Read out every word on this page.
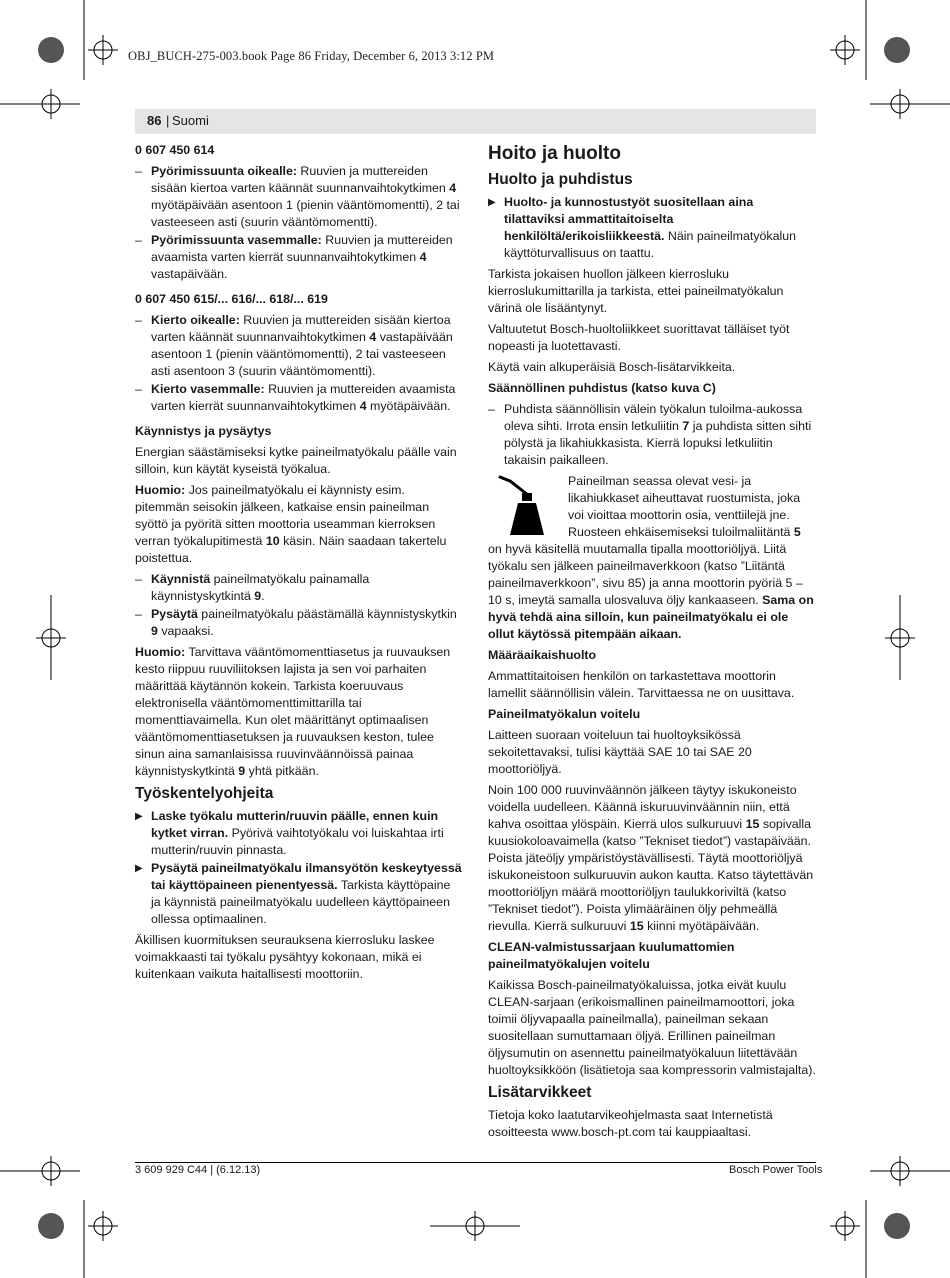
OBJ_BUCH-275-003.book Page 86 Friday, December 6, 2013 3:12 PM
86 | Suomi

0 607 450 614

– Pyörimissuunta oikealle: Ruuvien ja muttereiden sisään kiertoa varten käännät suunnanvaihtokytkimen 4 myötäpäivään asentoon 1 (pienin vääntömomentti), 2 tai vasteeseen asti (suurin vääntömomentti).
– Pyörimissuunta vasemmalle: Ruuvien ja muttereiden avaamista varten kierrät suunnanvaihtokytkimen 4 vastapäivään.

0 607 450 615/... 616/... 618/... 619

– Kierto oikealle: Ruuvien ja muttereiden sisään kiertoa varten käännät suunnanvaihtokytkimen 4 vastapäivään asentoon 1 (pienin vääntömomentti), 2 tai vasteeseen asti asentoon 3 (suurin vääntömomentti).
– Kierto vasemmalle: Ruuvien ja muttereiden avaamista varten kierrät suunnanvaihtokytkimen 4 myötäpäivään.

Käynnistys ja pysäytys

Energian säästämiseksi kytke paineilmatyökalu päälle vain silloin, kun käytät kyseistä työkalua.

Huomio: Jos paineilmatyökalu ei käynnisty esim. pitemmän seisokin jälkeen, katkaise ensin paineilman syöttö ja pyöritä sitten moottoria useamman kierroksen verran työkalupitimestä 10 käsin. Näin saadaan takertelu poistettua.

– Käynnistä paineilmatyökalu painamalla käynnistyskytkintä 9.
– Pysäytä paineilmatyökalu päästämällä käynnistyskytkin 9 vapaaksi.

Huomio: Tarvittava vääntömomenttiasetus ja ruuvauksen kesto riippuu ruuviliitoksen lajista ja sen voi parhaiten määrittää käytännön kokein. Tarkista koeruuvaus elektronisella vääntömomenttimittarilla tai momenttiavaimella. Kun olet määrittänyt optimaalisen vääntömomenttiasetuksen ja ruuvauksen keston, tulee sinun aina samanlaisissa ruuvinväännöissä painaa käynnistyskytkintä 9 yhtä pitkään.

Työskentelyohjeita

▶ Laske työkalu mutterin/ruuvin päälle, ennen kuin kytket virran. Pyörivä vaihtotyökalu voi luiskahtaa irti mutterin/ruuvin pinnasta.
▶ Pysäytä paineilmatyökalu ilmansyötön keskeytyessä tai käyttöpaineen pienentyessä. Tarkista käyttöpaine ja käynnistä paineilmatyökalu uudelleen käyttöpaineen ollessa optimaalinen.

Äkillisen kuormituksen seurauksena kierrosluku laskee voimakkaasti tai työkalu pysähtyy kokonaan, mikä ei kuitenkaan vaikuta haitallisesti moottoriin.

Hoito ja huolto

Huolto ja puhdistus

▶ Huolto- ja kunnostustyöt suositellaan aina tilattaviksi ammattitaitoiselta henkilöltä/erikoisliikkeestä. Näin paineilmatyökalun käyttöturvallisuus on taattu.

Tarkista jokaisen huollon jälkeen kierrosluku kierroslukumittarilla ja tarkista, ettei paineilmatyökalun värinä ole lisääntynyt.

Valtuutetut Bosch-huoltoliikkeet suorittavat tälläiset työt nopeasti ja luotettavasti.

Käytä vain alkuperäisiä Bosch-lisätarvikkeita.

Säännöllinen puhdistus (katso kuva C)

– Puhdista säännöllisin välein työkalun tuloilma-aukossa oleva sihti. Irrota ensin letkuliitin 7 ja puhdista sitten sihti pölystä ja likahiukkasista. Kierrä lopuksi letkuliitin takaisin paikalleen.

Paineilman seassa olevat vesi- ja likahiukkaset aiheuttavat ruostumista, joka voi vioittaa moottorin osia, venttiilejä jne. Ruosteen ehkäisemiseksi tuloilmaliitäntä 5 on hyvä käsitellä muutamalla tipalla moottoriöljyä. Liitä työkalu sen jälkeen paineilmaverkkoon (katso ”Liitäntä paineilmaverkkoon”, sivu 85) ja anna moottorin pyöriä 5 – 10 s, imeytä samalla ulosvaluva öljy kankaaseen. Sama on hyvä tehdä aina silloin, kun paineilmatyökalu ei ole ollut käytössä pitempään aikaan.

Määräaikaishuolto

Ammattitaitoisen henkilön on tarkastettava moottorin lamellit säännöllisin välein. Tarvittaessa ne on uusittava.

Paineilmatyökalun voitelu

Laitteen suoraan voiteluun tai huoltoyksikössä sekoitettavaksi, tulisi käyttää SAE 10 tai SAE 20 moottoriöljyä.

Noin 100 000 ruuvinväännön jälkeen täytyy iskukoneisto voidella uudelleen. Käännä iskuruuvinväännin niin, että kahva osoittaa ylöspäin. Kierrä ulos sulkuruuvi 15 sopivalla kuusiokoloavaimella (katso ”Tekniset tiedot”) vastapäivään. Poista jäteöljy ympäristöystävällisesti. Täytä moottoriöljyä iskukoneistoon sulkuruuvin aukon kautta. Katso täytettävän moottoriöljyn määrä moottoriöljyn taulukkoriviltä (katso ”Tekniset tiedot”). Poista ylimääräinen öljy pehmeällä rievulla. Kierrä sulkuruuvi 15 kiinni myötäpäivään.

CLEAN-valmistussarjaan kuulumattomien paineilmatyökalujen voitelu

Kaikissa Bosch-paineilmatyökaluissa, jotka eivät kuulu CLEAN-sarjaan (erikoismallinen paineilmamoottori, joka toimii öljyvapaalla paineilmalla), paineilman sekaan suositellaan sumuttamaan öljyä. Erillinen paineilman öljysumutin on asennettu paineilmatyökaluun liitettävään huoltoyksikköön (lisätietoja saa kompressorin valmistajalta).

Lisätarvikkeet

Tietoja koko laatutarvikeohjelmasta saat Internetistä osoitteesta www.bosch-pt.com tai kauppiaaltasi.

3 609 929 C44 | (6.12.13)	Bosch Power Tools
